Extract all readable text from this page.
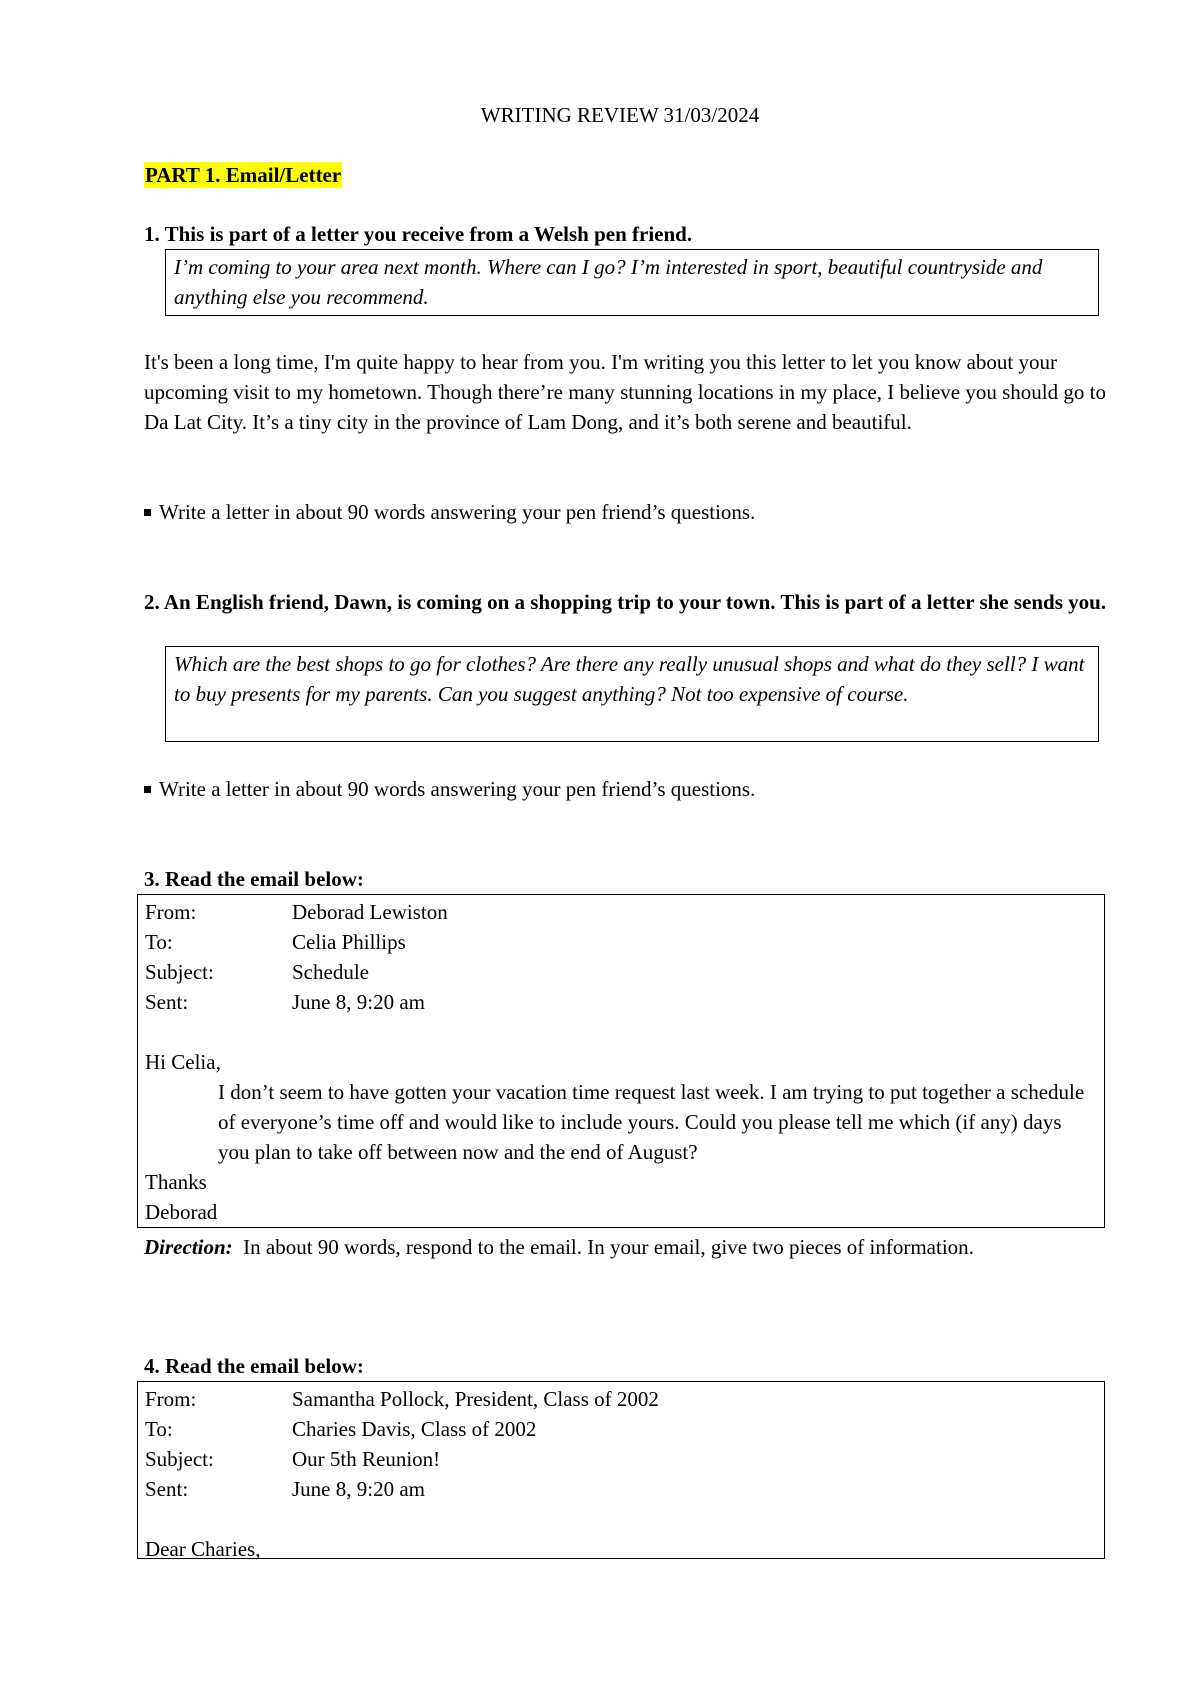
WRITING REVIEW 31/03/2024
PART 1. Email/Letter
1. This is part of a letter you receive from a Welsh pen friend.
I’m coming to your area next month. Where can I go? I’m interested in sport, beautiful countryside and anything else you recommend.
It's been a long time, I'm quite happy to hear from you. I'm writing you this letter to let you know about your upcoming visit to my hometown. Though there’re many stunning locations in my place, I believe you should go to Da Lat City. It’s a tiny city in the province of Lam Dong, and it’s both serene and beautiful.
Write a letter in about 90 words answering your pen friend’s questions.
2. An English friend, Dawn, is coming on a shopping trip to your town. This is part of a letter she sends you.
Which are the best shops to go for clothes? Are there any really unusual shops and what do they sell? I want to buy presents for my parents. Can you suggest anything? Not too expensive of course.
Write a letter in about 90 words answering your pen friend’s questions.
3. Read the email below:
From:	Deborad Lewiston
To:	Celia Phillips
Subject:	Schedule
Sent:	June 8, 9:20 am
Hi Celia,
I don’t seem to have gotten your vacation time request last week. I am trying to put together a schedule of everyone’s time off and would like to include yours. Could you please tell me which (if any) days you plan to take off between now and the end of August?
Thanks
Deborad
Direction: In about 90 words, respond to the email. In your email, give two pieces of information.
4. Read the email below:
From:	Samantha Pollock, President, Class of 2002
To:	Charies Davis, Class of 2002
Subject:	Our 5th Reunion!
Sent:	June 8, 9:20 am
Dear Charies,
